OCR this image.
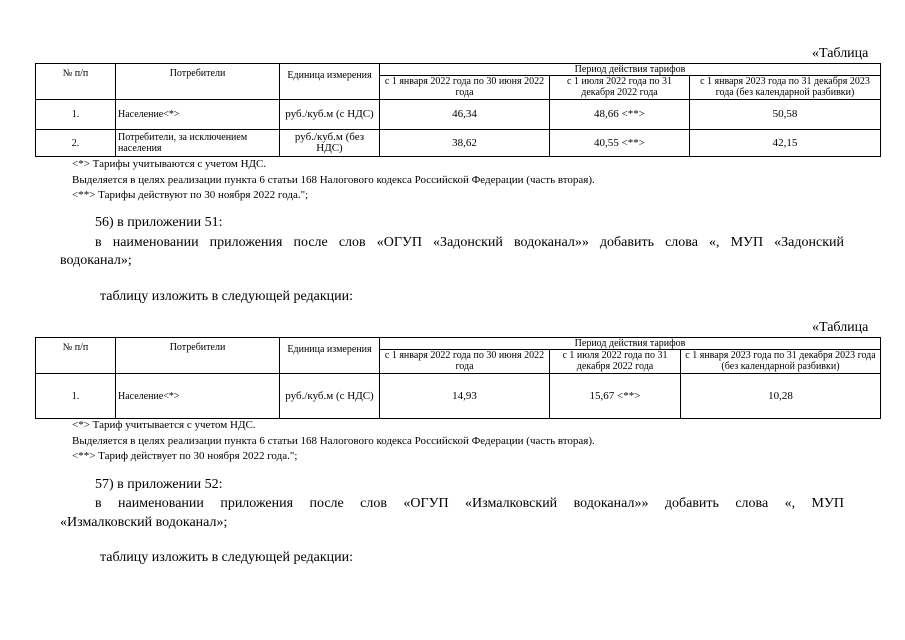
«Таблица
№ п/п	Потребители	Единица измерения	Период действия тарифов		
			с 1 января 2022 года по 30 июня 2022 года	с 1 июля 2022 года по 31 декабря 2022 года	с 1 января 2023 года по 31 декабря 2023 года (без календарной разбивки)
1.	Население<*>	руб./куб.м (с НДС)	46,34	48,66 <**>	50,58
2.	Потребители, за исключением населения	руб./куб.м (без НДС)	38,62	40,55 <**>	42,15
<*> Тарифы учитываются с учетом НДС.
Выделяется в целях реализации пункта 6 статьи 168 Налогового кодекса Российской Федерации (часть вторая).
<**> Тарифы действуют по 30 ноября 2022 года.";
56) в приложении 51:
в наименовании приложения после слов «ОГУП «Задонский водоканал»» добавить слова «, МУП «Задонский
водоканал»;
таблицу изложить в следующей редакции:
«Таблица
№ п/п	Потребители	Единица измерения	Период действия тарифов		
			с 1 января 2022 года по 30 июня 2022 года	с 1 июля 2022 года по 31 декабря 2022 года	с 1 января 2023 года по 31 декабря 2023 года (без календарной разбивки)
1.	Население<*>	руб./куб.м (с НДС)	14,93	15,67 <**>	10,28
<*> Тариф учитывается с учетом НДС.
Выделяется в целях реализации пункта 6 статьи 168 Налогового кодекса Российской Федерации (часть вторая).
<**> Тариф действует по 30 ноября 2022 года.";
57) в приложении 52:
в наименовании приложения после слов «ОГУП «Измалковский водоканал»» добавить слова «, МУП
«Измалковский водоканал»;
таблицу изложить в следующей редакции:
